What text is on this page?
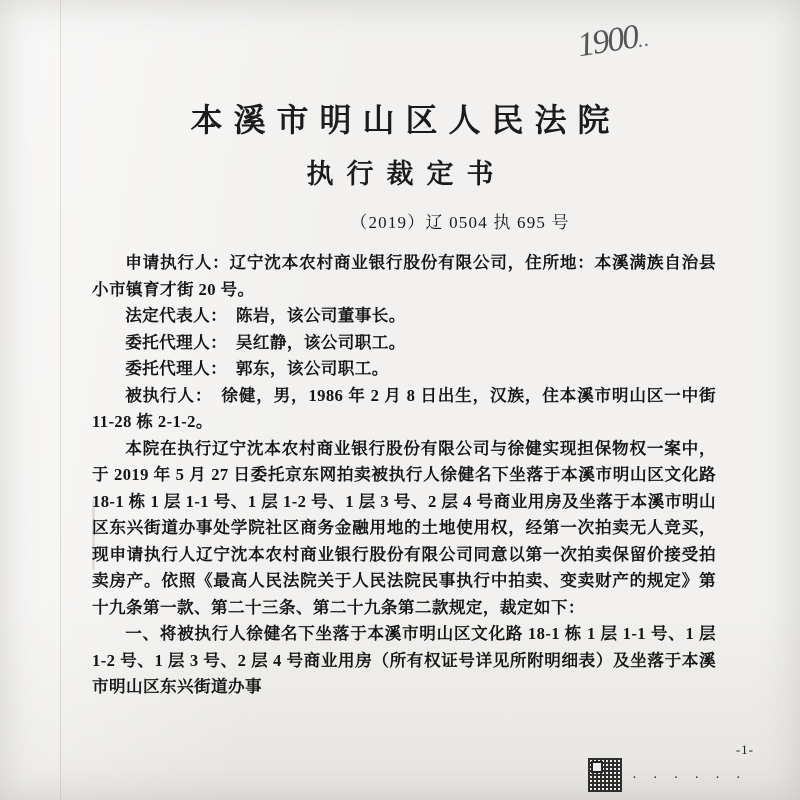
1900..
本溪市明山区人民法院
执行裁定书
（2019）辽 0504 执 695 号

申请执行人：辽宁沈本农村商业银行股份有限公司，住所地：本溪满族自治县小市镇育才街 20 号。

法定代表人：　陈岩，该公司董事长。

委托代理人：　吴红静，该公司职工。

委托代理人：　郭东，该公司职工。

被执行人：　徐健，男，1986 年 2 月 8 日出生，汉族，住本溪市明山区一中街 11-28 栋 2-1-2。

本院在执行辽宁沈本农村商业银行股份有限公司与徐健实现担保物权一案中，于 2019 年 5 月 27 日委托京东网拍卖被执行人徐健名下坐落于本溪市明山区文化路 18-1 栋 1 层 1-1 号、1 层 1-2 号、1 层 3 号、2 层 4 号商业用房及坐落于本溪市明山区东兴街道办事处学院社区商务金融用地的土地使用权，经第一次拍卖无人竞买，现申请执行人辽宁沈本农村商业银行股份有限公司同意以第一次拍卖保留价接受拍卖房产。依照《最高人民法院关于人民法院民事执行中拍卖、变卖财产的规定》第十九条第一款、第二十三条、第二十九条第二款规定，裁定如下：

一、将被执行人徐健名下坐落于本溪市明山区文化路 18-1 栋 1 层 1-1 号、1 层 1-2 号、1 层 3 号、2 层 4 号商业用房（所有权证号详见所附明细表）及坐落于本溪市明山区东兴街道办事

-1-
· · · · · ·
